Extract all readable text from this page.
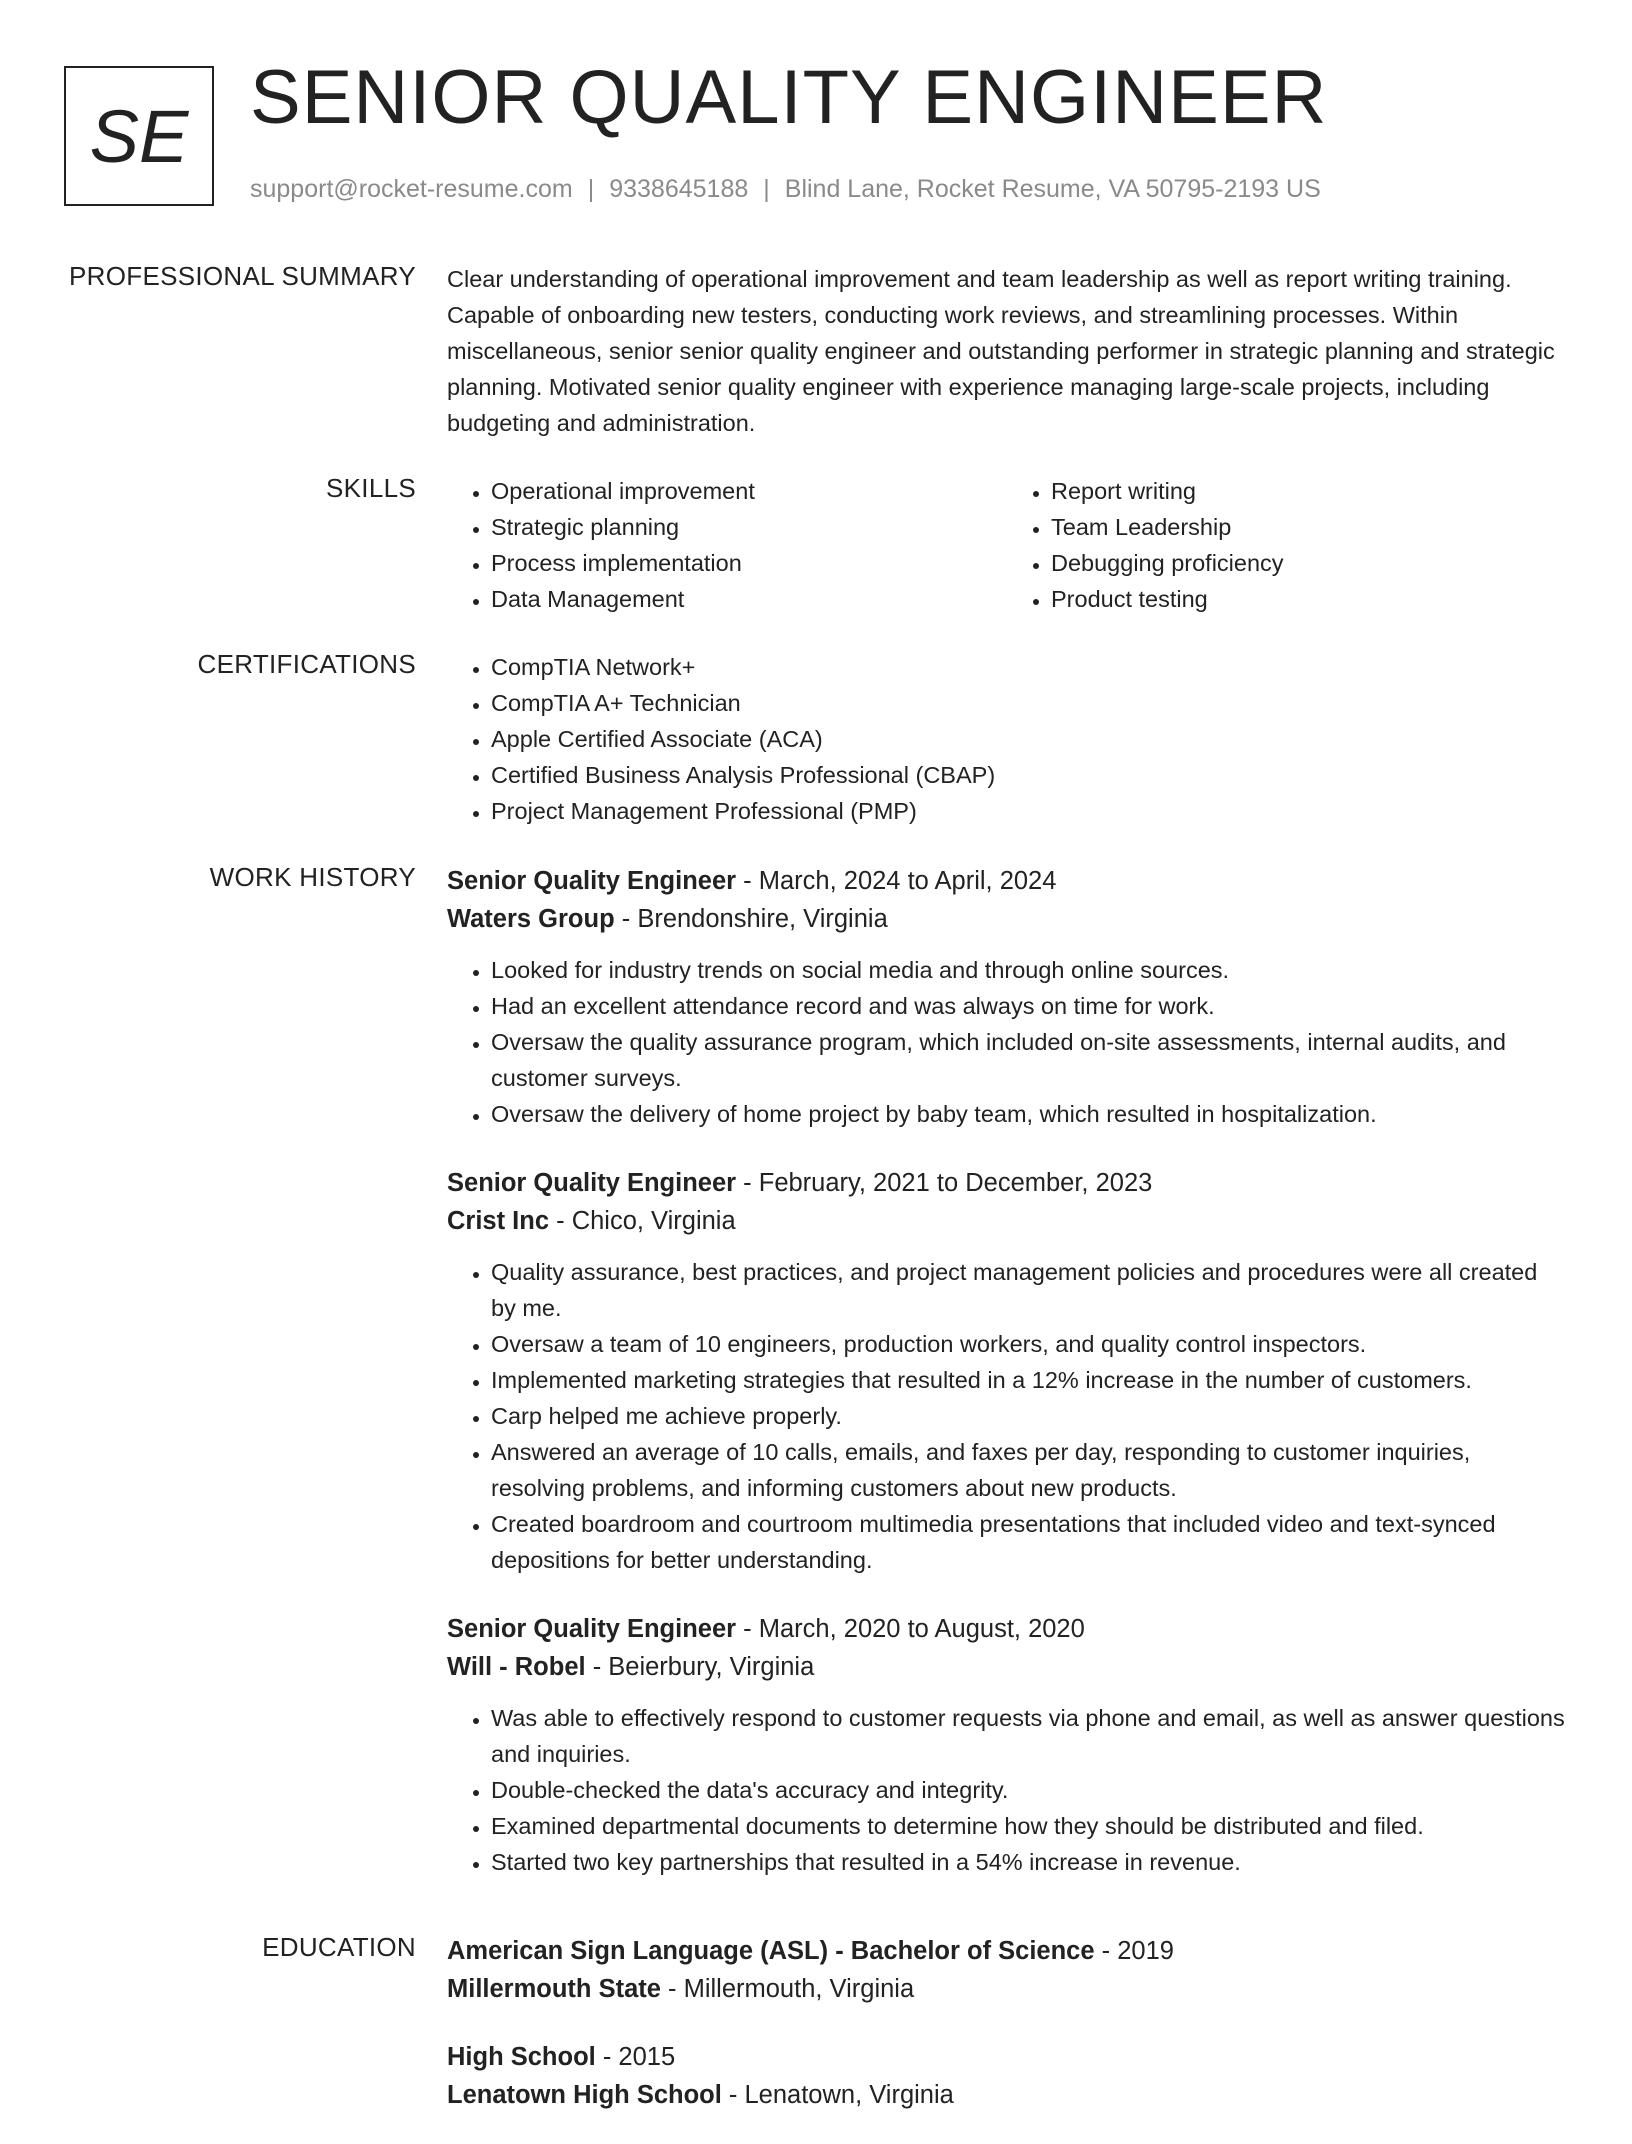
SE SENIOR QUALITY ENGINEER
support@rocket-resume.com | 9338645188 | Blind Lane, Rocket Resume, VA 50795-2193 US
PROFESSIONAL SUMMARY Clear understanding of operational improvement and team leadership as well as report writing training. Capable of onboarding new testers, conducting work reviews, and streamlining processes. Within miscellaneous, senior senior quality engineer and outstanding performer in strategic planning and strategic planning. Motivated senior quality engineer with experience managing large-scale projects, including budgeting and administration.

SKILLS	• Operational improvement
• Strategic planning
• Process implementation
• Data Management
• Report writing
• Team Leadership
• Debugging proficiency
• Product testing
CERTIFICATIONS	• CompTIA Network+
• CompTIA A+ Technician
• Apple Certified Associate (ACA)
• Certified Business Analysis Professional (CBAP)
• Project Management Professional (PMP)
WORK HISTORY Senior Quality Engineer - March, 2024 to April, 2024
Waters Group - Brendonshire, Virginia
• Looked for industry trends on social media and through online sources.
• Had an excellent attendance record and was always on time for work.
• Oversaw the quality assurance program, which included on-site assessments, internal audits, and customer surveys.
• Oversaw the delivery of home project by baby team, which resulted in hospitalization.
Senior Quality Engineer - February, 2021 to December, 2023
Crist Inc - Chico, Virginia
• Quality assurance, best practices, and project management policies and procedures were all created by me.
• Oversaw a team of 10 engineers, production workers, and quality control inspectors.
• Implemented marketing strategies that resulted in a 12% increase in the number of customers.
• Carp helped me achieve properly.
• Answered an average of 10 calls, emails, and faxes per day, responding to customer inquiries, resolving problems, and informing customers about new products.
• Created boardroom and courtroom multimedia presentations that included video and text-synced depositions for better understanding.
Senior Quality Engineer - March, 2020 to August, 2020
Will - Robel - Beierbury, Virginia
• Was able to effectively respond to customer requests via phone and email, as well as answer questions and inquiries.
• Double-checked the data's accuracy and integrity.
• Examined departmental documents to determine how they should be distributed and filed.
• Started two key partnerships that resulted in a 54% increase in revenue.
EDUCATION American Sign Language (ASL) - Bachelor of Science - 2019
Millermouth State - Millermouth, Virginia
High School - 2015
Lenatown High School - Lenatown, Virginia
